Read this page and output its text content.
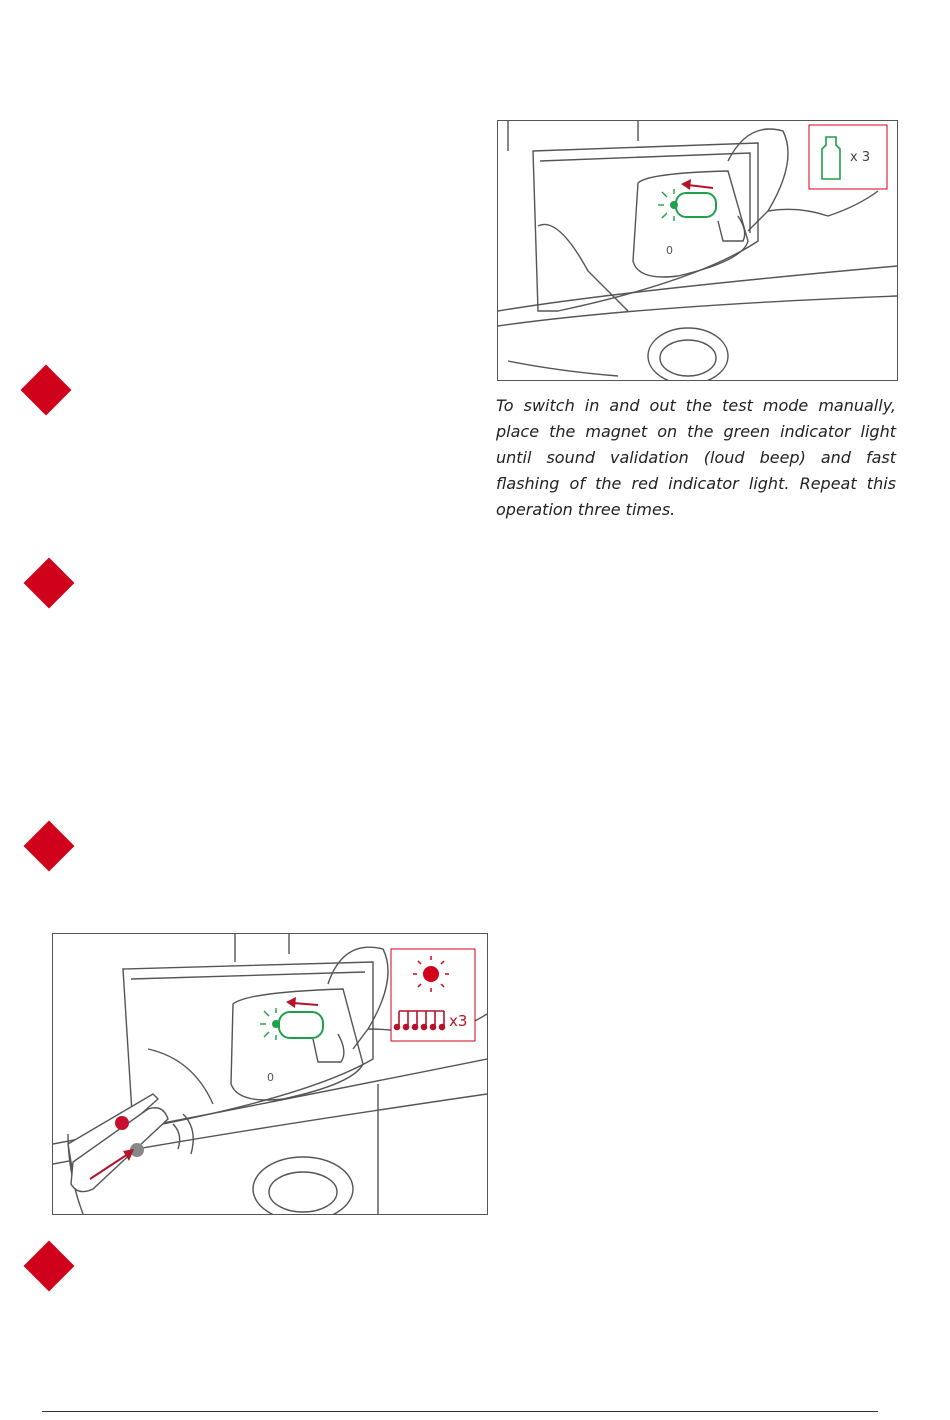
x 3
0
To switch in and out the test mode manually, place the magnet on the green indicator light until sound validation (loud beep) and fast flashing of the red indicator light. Repeat this operation three times.
x3
0
